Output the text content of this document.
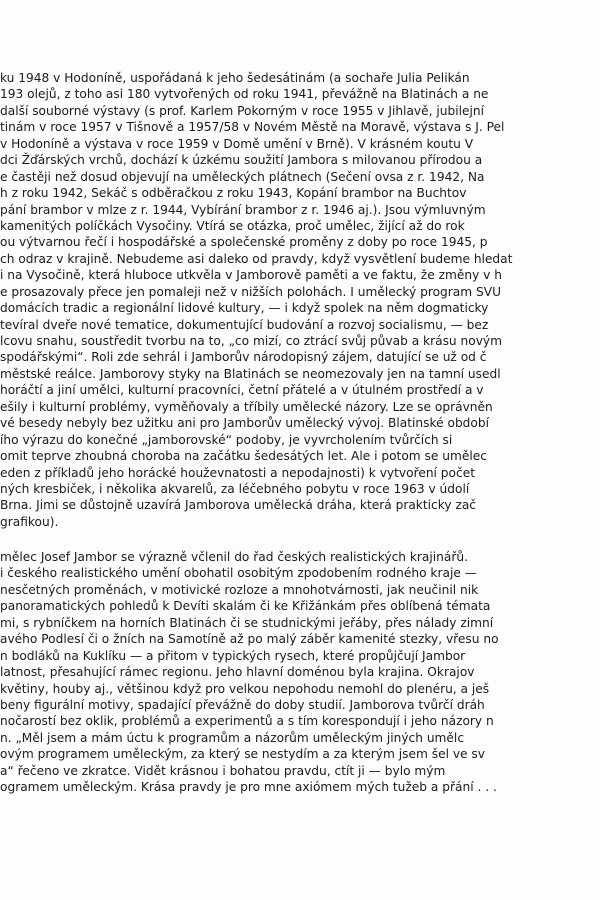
ku 1948 v Hodoníně, uspořádaná k jeho šedesátinám (a sochaře Julia Pelikán
193 olejů, z toho asi 180 vytvořených od roku 1941, převážně na Blatinách a ne
další souborné výstavy (s prof. Karlem Pokorným v roce 1955 v Jihlavě, jubilejní
tinám v roce 1957 v Tišnově a 1957/58 v Novém Městě na Moravě, výstava s J. Pel
v Hodoníně a výstava v roce 1959 v Domě umění v Brně). V krásném koutu V
dci Žďárských vrchů, dochází k úzkému soužití Jambora s milovanou přírodou a
e častěji než dosud objevují na uměleckých plátnech (Sečení ovsa z r. 1942, Na
h z roku 1942, Sekáč s odběračkou z roku 1943, Kopání brambor na Buchtov
pání brambor v mlze z r. 1944, Vybírání brambor z r. 1946 aj.). Jsou výmluvným
kamenitých políčkách Vysočiny. Vtírá se otázka, proč umělec, žijící až do rok
ou výtvarnou řečí i hospodářské a společenské proměny z doby po roce 1945, p
ch odraz v krajině. Nebudeme asi daleko od pravdy, když vysvětlení budeme hledat
i na Vysočině, která hluboce utkvěla v Jamborově paměti a ve faktu, že změny v h
e prosazovaly přece jen pomaleji než v nižších polohách. I umělecký program SVU
domácích tradic a regionální lidové kultury, — i když spolek na něm dogmaticky
tevíral dveře nové tematice, dokumentující budování a rozvoj socialismu, — bez
lcovu snahu, soustředit tvorbu na to, „co mizí, co ztrácí svůj půvab a krásu novým
spodářskými“. Roli zde sehrál i Jamborův národopisný zájem, datující se už od č
městské reálce. Jamborovy styky na Blatinách se neomezovaly jen na tamní usedl
horáčtí a jiní umělci, kulturní pracovníci, četní přátelé a v útulném prostředí a v
ešily i kulturní problémy, vyměňovaly a tříbily umělecké názory. Lze se oprávněn
vé besedy nebyly bez užitku ani pro Jamborův umělecký vývoj. Blatinské období
ího výrazu do konečné „jamborovské“ podoby, je vyvrcholením tvůrčích si
omit teprve zhoubná choroba na začátku šedesátých let. Ale i potom se umělec
eden z příkladů jeho horácké houževnatosti a nepodajnosti) k vytvoření počet
ných kresbiček, i několika akvarelů, za léčebného pobytu v roce 1963 v údolí
Brna. Jimi se důstojně uzavírá Jamborova umělecká dráha, která prakticky zač
grafikou).
mělec Josef Jambor se výrazně včlenil do řad českých realistických krajinářů.
i českého realistického umění obohatil osobitým zpodobením rodného kraje —
nesčetných proměnách, v motivické rozloze a mnohotvárnosti, jak neučinil nik
panoramatických pohledů k Devíti skalám či ke Křižánkám přes oblíbená témata
mi, s rybníčkem na horních Blatinách či se studnickými jeřáby, přes nálady zimní
avého Podlesí či o žních na Samotíně až po malý záběr kamenité stezky, vřesu no
n bodláků na Kuklíku — a přitom v typických rysech, které propůjčují Jambor
latnost, přesahující rámec regionu. Jeho hlavní doménou byla krajina. Okrajov
květiny, houby aj., většinou když pro velkou nepohodu nemohl do plenéru, a ješ
beny figurální motivy, spadající převážně do doby studií. Jamborova tvůrčí dráh
nočarostí bez oklik, problémů a experimentů a s tím korespondují i jeho názory n
n. „Měl jsem a mám úctu k programům a názorům uměleckým jiných umělc
ovým programem uměleckým, za který se nestydím a za kterým jsem šel ve sv
a“ řečeno ve zkratce. Vidět krásnou i bohatou pravdu, ctít ji — bylo mým
ogramem uměleckým. Krása pravdy je pro mne axiómem mých tužeb a přání . . .
